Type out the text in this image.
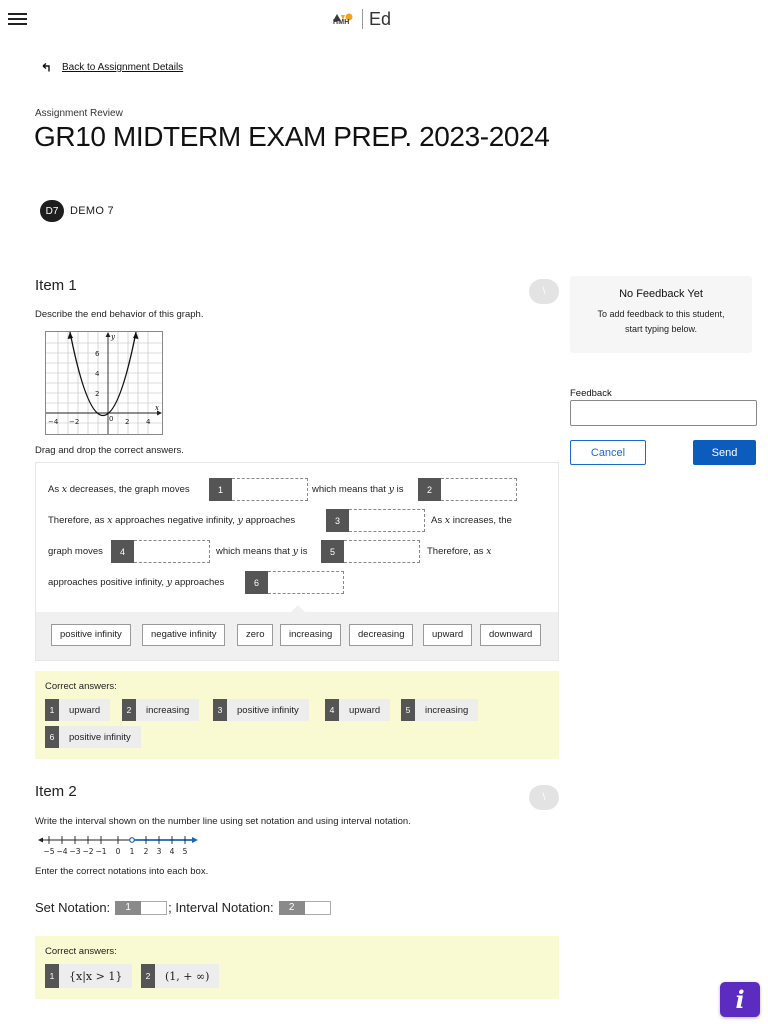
HMH Ed
Back to Assignment Details
Assignment Review
GR10 MIDTERM EXAM PREP. 2023-2024
D7	DEMO 7
Item 1	\
Describe the end behavior of this graph.
y
x
−4 −2	0 2 4
6
4
2
Drag and drop the correct answers.
As x decreases, the graph moves	1	which means that y is	2
Therefore, as x approaches negative infinity, y approaches	3	As x increases, the
graph moves	4	which means that y is	5	Therefore, as x
approaches positive infinity, y approaches	6
positive infinity	negative infinity	zero	increasing	decreasing	upward	downward
Correct answers:
1	upward	2	increasing	3	positive infinity	4	upward	5	increasing
6	positive infinity
Item 2	\
Write the interval shown on the number line using set notation and using interval notation.
−5 −4 −3 −2 −1 0 1 2 3 4 5
Enter the correct notations into each box.
Set Notation:	1	; Interval Notation:	2
Correct answers:
1	{x|x > 1}	2	(1, + ∞)
No Feedback Yet
To add feedback to this student,
start typing below.
Feedback
Cancel	Send
i
